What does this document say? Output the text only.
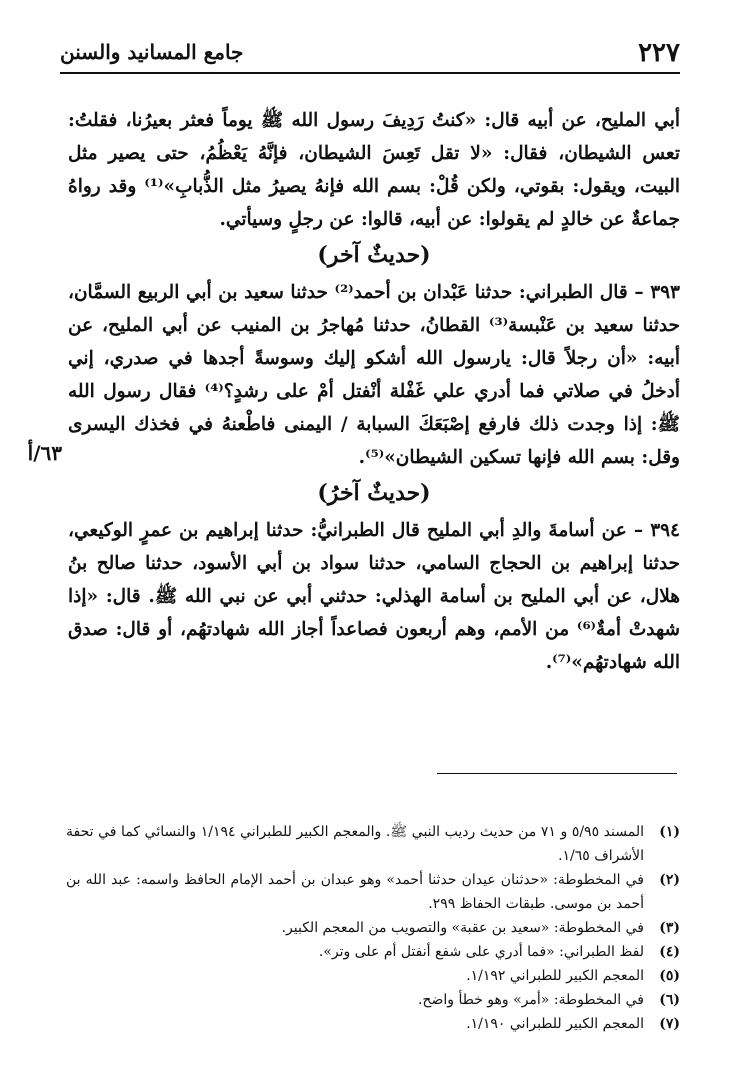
٢٢٧
جامع المسانيد والسنن

أبي المليح، عن أبيه قال: «كنتُ رَدِيفَ رسول الله ﷺ يوماً فعثر بعيرُنا، فقلتُ: تعس الشيطان، فقال: «لا تقل تَعِسَ الشيطان، فإنَّهُ يَعْظُمُ، حتى يصير مثل البيت، ويقول: بقوتي، ولكن قُلْ: بسم الله فإنهُ يصيرُ مثل الذُّبابِ»⁽¹⁾ وقد رواهُ جماعةٌ عن خالدٍ لم يقولوا: عن أبيه، قالوا: عن رجلٍ وسيأتي.

(حديثٌ آخر)

٣٩٣ – قال الطبراني: حدثنا عَبْدان بن أحمد⁽²⁾ حدثنا سعيد بن أبي الربيع السمَّان، حدثنا سعيد بن عَنْبسة⁽³⁾ القطانُ، حدثنا مُهاجرُ بن المنيب عن أبي المليح، عن أبيه: «أن رجلاً قال: يارسول الله أشكو إليك وسوسةً أجدها في صدري، إني أدخلُ في صلاتي فما أدري علي غَفْلة أنْفتل أمْ على رشدٍ؟⁽⁴⁾ فقال رسول الله ﷺ: إذا وجدت ذلك فارفع إصْبَعَكَ السبابة / اليمنى فاطْعنهُ في فخذك اليسرى وقل: بسم الله فإنها تسكين الشيطان»⁽⁵⁾.

(حديثٌ آخرُ)

٣٩٤ – عن أسامةَ والدِ أبي المليح قال الطبرانيُّ: حدثنا إبراهيم بن عمرٍ الوكيعي، حدثنا إبراهيم بن الحجاج السامي، حدثنا سواد بن أبي الأسود، حدثنا صالح بنُ هلال، عن أبي المليح بن أسامة الهذلي: حدثني أبي عن نبي الله ﷺ. قال: «إذا شهدتْ أمةٌ⁽⁶⁾ من الأمم، وهم أربعون فصاعداً أجاز الله شهادتهُم، أو قال: صدق الله شهادتهُم»⁽⁷⁾.

٦٣/أ
(١)
المسند ٥/٩٥ و ٧١ من حديث رديب النبي ﷺ. والمعجم الكبير للطبراني ١/١٩٤ والنسائي كما في تحفة الأشراف ١/٦٥.
(٢)
في المخطوطة: «حدثنان عيدان حدثنا أحمد» وهو عبدان بن أحمد الإمام الحافظ واسمه: عبد الله بن أحمد بن موسى. طبقات الحفاظ ٢٩٩.
(٣)
في المخطوطة: «سعيد بن عقبة» والتصويب من المعجم الكبير.
(٤)
لفظ الطبراني: «فما أدري على شفع أنفتل أم على وتر».
(٥)
المعجم الكبير للطبراني ١/١٩٢.
(٦)
في المخطوطة: «أمر» وهو خطأ واضح.
(٧)
المعجم الكبير للطبراني ١/١٩٠.
